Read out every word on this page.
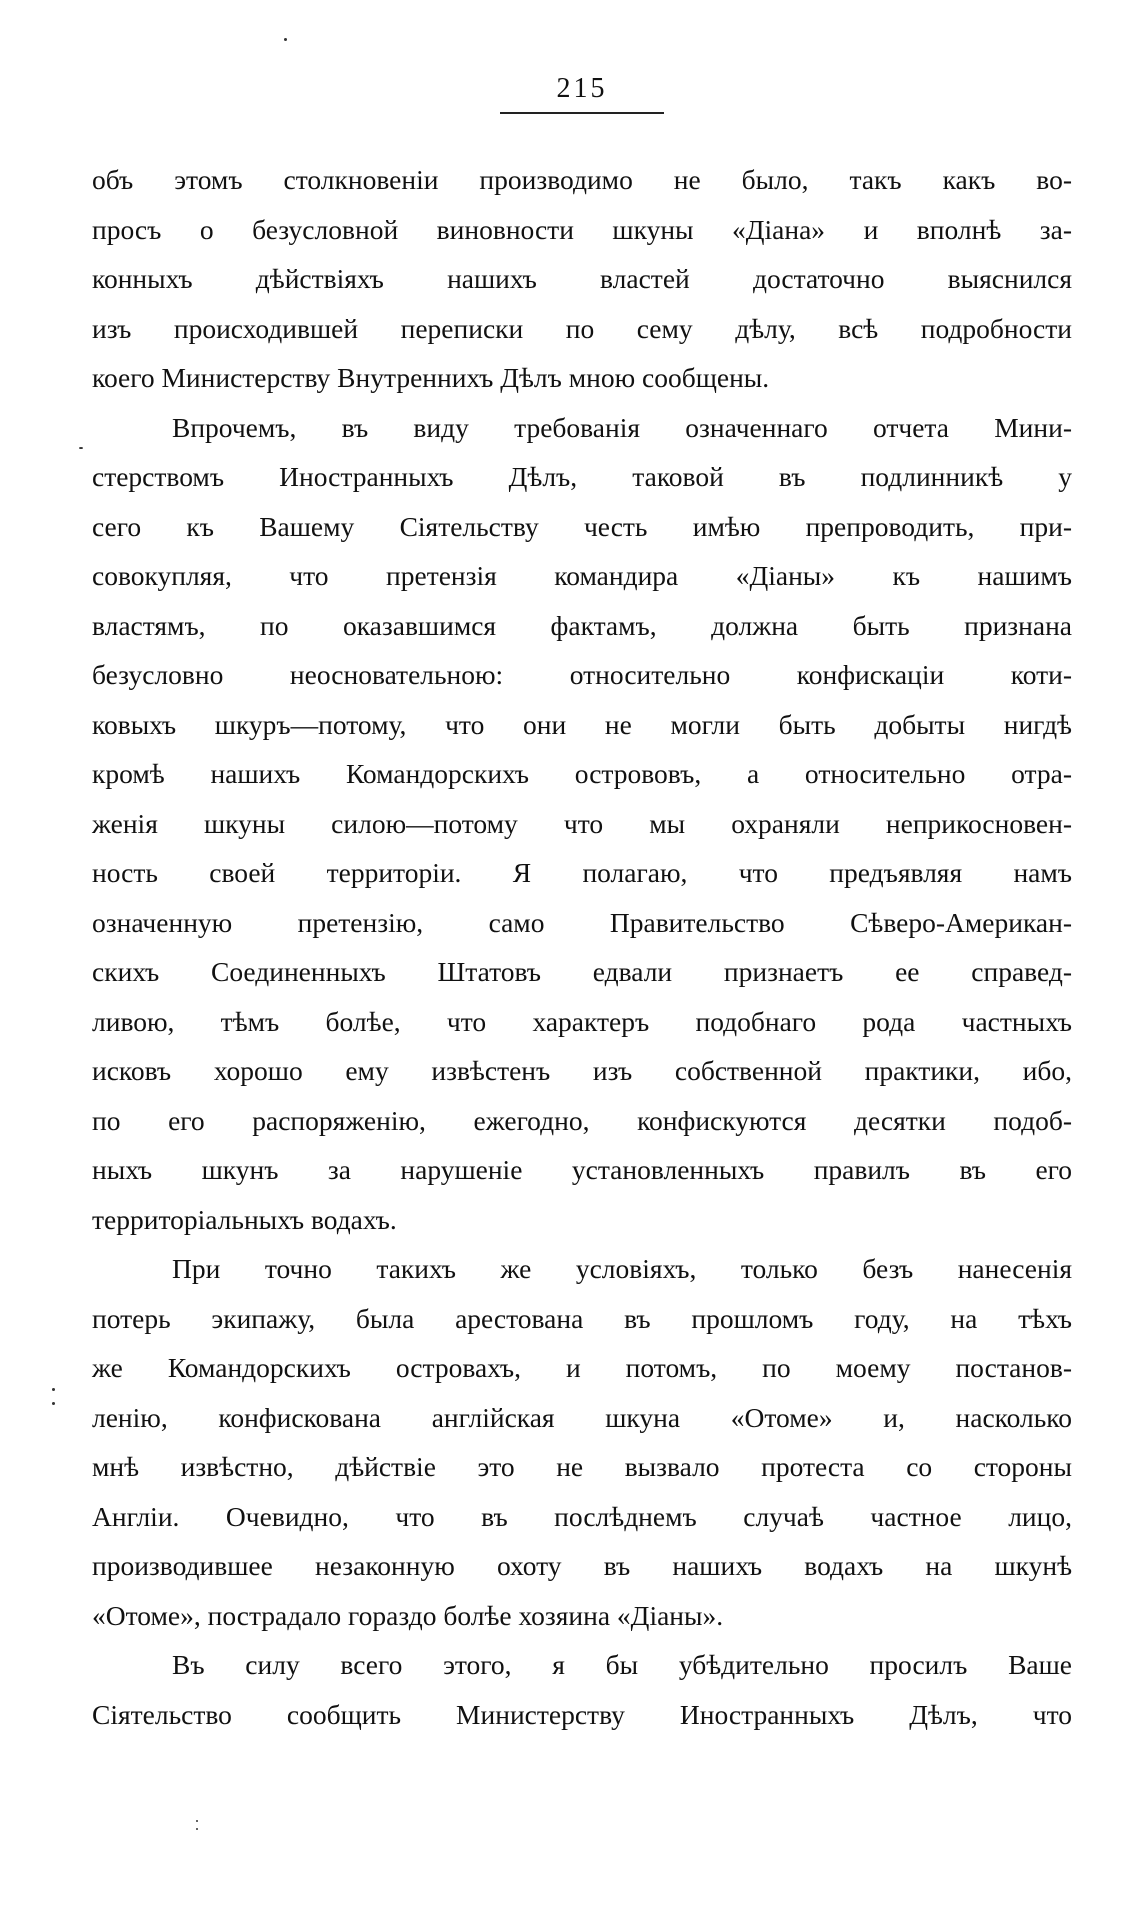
215
объ этомъ столкновеніи производимо не было, такъ какъ во-
просъ о безусловной виновности шкуны «Діана» и вполнѣ за-
конныхъ дѣйствіяхъ нашихъ властей достаточно выяснился
изъ происходившей переписки по сему дѣлу, всѣ подробности
коего Министерству Внутреннихъ Дѣлъ мною сообщены.
Впрочемъ, въ виду требованія означеннаго отчета Мини-
стерствомъ Иностранныхъ Дѣлъ, таковой въ подлинникѣ у
сего къ Вашему Сіятельству честь имѣю препроводить, при-
совокупляя, что претензія командира «Діаны» къ нашимъ
властямъ, по оказавшимся фактамъ, должна быть признана
безусловно неосновательною: относительно конфискаціи коти-
ковыхъ шкуръ—потому, что они не могли быть добыты нигдѣ
кромѣ нашихъ Командорскихъ острововъ, а относительно отра-
женія шкуны силою—потому что мы охраняли неприкосновен-
ность своей территоріи. Я полагаю, что предъявляя намъ
означенную претензію, само Правительство Сѣверо-Американ-
скихъ Соединенныхъ Штатовъ едвали признаетъ ее справед-
ливою, тѣмъ болѣе, что характеръ подобнаго рода частныхъ
исковъ хорошо ему извѣстенъ изъ собственной практики, ибо,
по его распоряженію, ежегодно, конфискуются десятки подоб-
ныхъ шкунъ за нарушеніе установленныхъ правилъ въ его
территоріальныхъ водахъ.
При точно такихъ же условіяхъ, только безъ нанесенія
потерь экипажу, была арестована въ прошломъ году, на тѣхъ
же Командорскихъ островахъ, и потомъ, по моему постанов-
ленію, конфискована англійская шкуна «Отоме» и, насколько
мнѣ извѣстно, дѣйствіе это не вызвало протеста со стороны
Англіи. Очевидно, что въ послѣднемъ случаѣ частное лицо,
производившее незаконную охоту въ нашихъ водахъ на шкунѣ
«Отоме», пострадало гораздо болѣе хозяина «Діаны».
Въ силу всего этого, я бы убѣдительно просилъ Ваше
Сіятельство сообщить Министерству Иностранныхъ Дѣлъ, что
